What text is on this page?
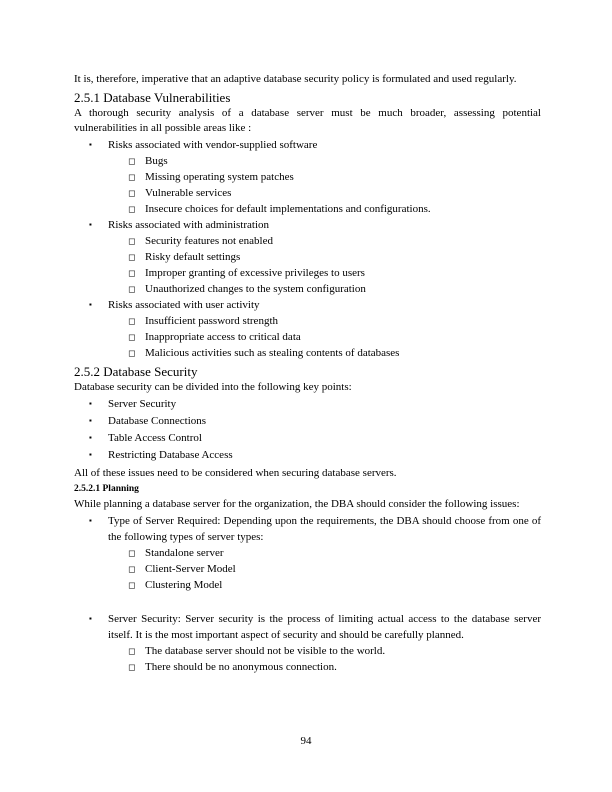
It is, therefore, imperative that an adaptive database security policy is formulated and used regularly.

2.5.1 Database Vulnerabilities

A thorough security analysis of a database server must be much broader, assessing potential vulnerabilities in all possible areas like :

▪ Risks associated with vendor-supplied software
◻ Bugs
◻ Missing operating system patches
◻ Vulnerable services
◻ Insecure choices for default implementations and configurations.
▪ Risks associated with administration
◻ Security features not enabled
◻ Risky default settings
◻ Improper granting of excessive privileges to users
◻ Unauthorized changes to the system configuration
▪ Risks associated with user activity
◻ Insufficient password strength
◻ Inappropriate access to critical data
◻ Malicious activities such as stealing contents of databases
2.5.2 Database Security

Database security can be divided into the following key points:

▪ Server Security
▪ Database Connections
▪ Table Access Control
▪ Restricting Database Access

All of these issues need to be considered when securing database servers.

2.5.2.1 Planning

While planning a database server for the organization, the DBA should consider the following issues:

▪ Type of Server Required: Depending upon the requirements, the DBA should choose from one of the following types of server types:
◻ Standalone server
◻ Client-Server Model
◻ Clustering Model
▪ Server Security: Server security is the process of limiting actual access to the database server itself. It is the most important aspect of security and should be carefully planned.
◻ The database server should not be visible to the world.
◻ There should be no anonymous connection.
94
